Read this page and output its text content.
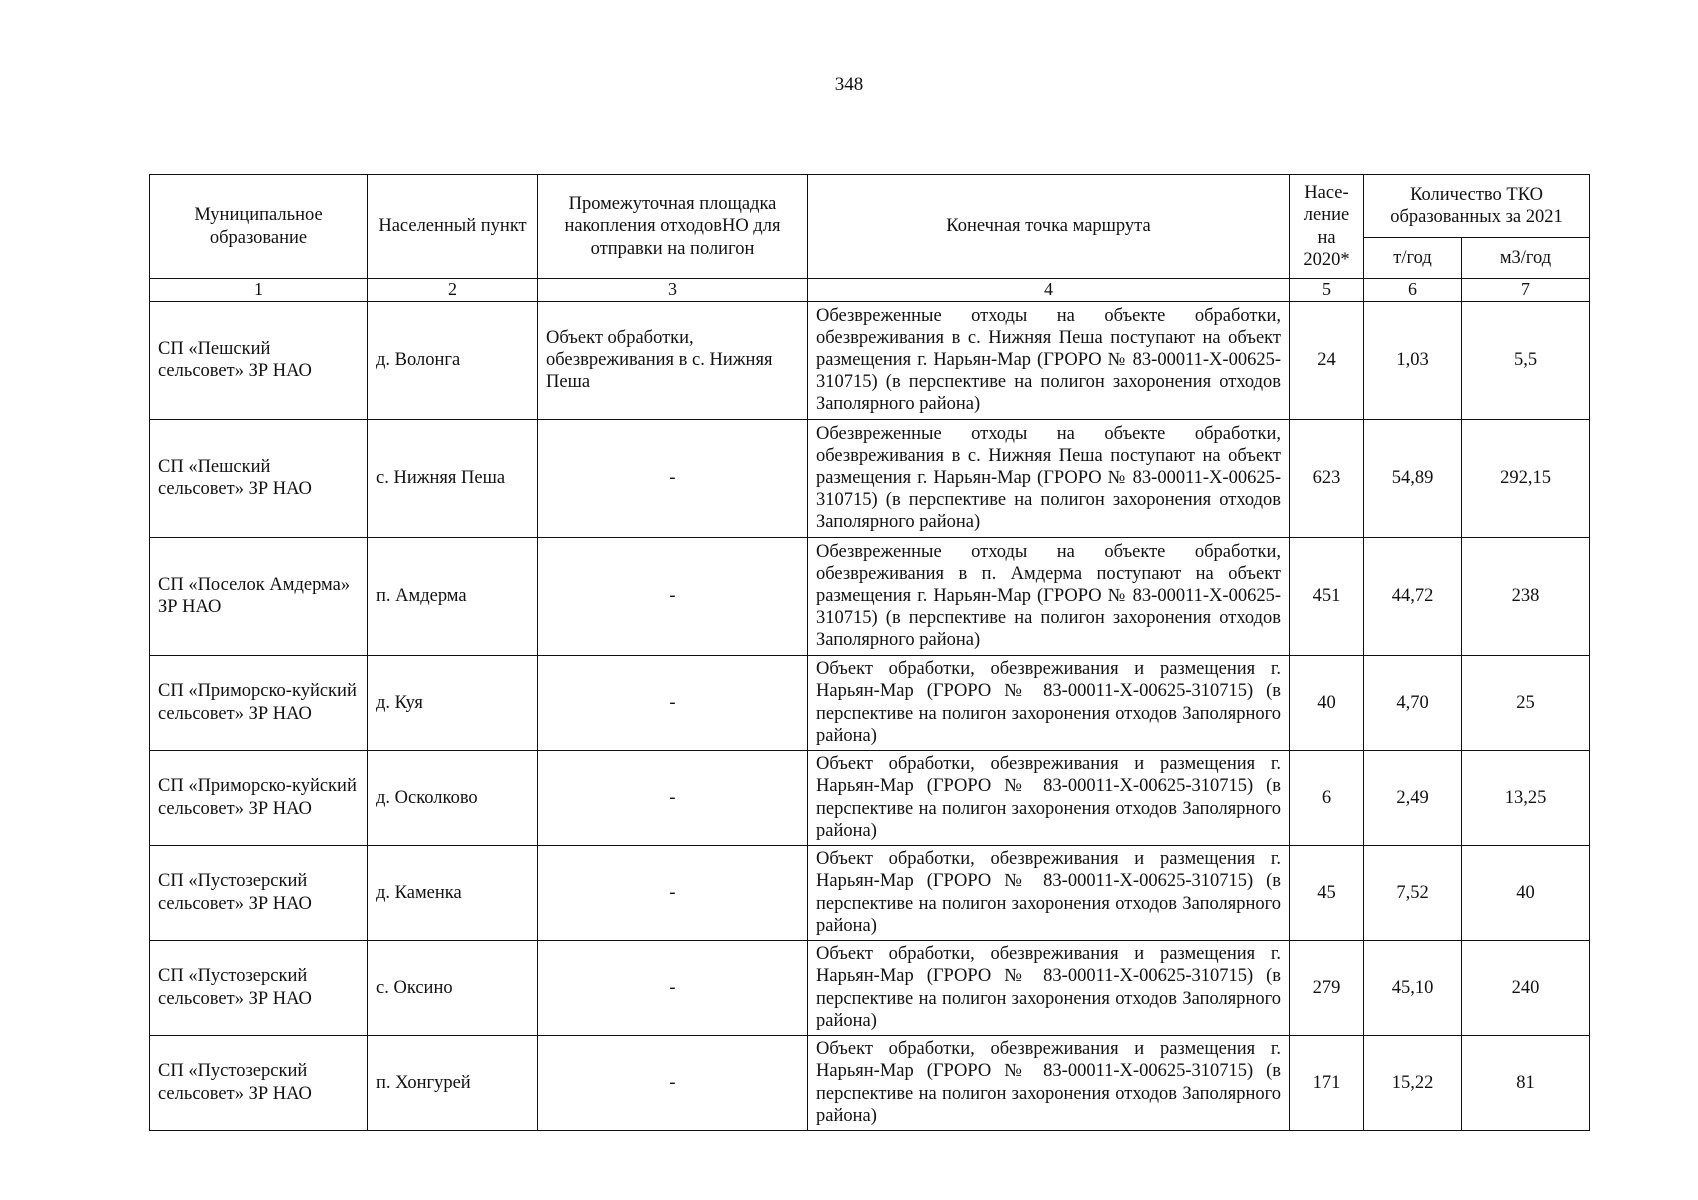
348
Муниципальное образование	Населенный пункт	Промежуточная площадка накопления отходовНО для отправки на полигон	Конечная точка маршрута	Насе-ление на 2020*	Количество ТКО образованных за 2021	
					т/год	м3/год
1	2	3	4	5	6	7
СП «Пешский сельсовет» ЗР НАО	д. Волонга	Объект обработки, обезвреживания в с. Нижняя Пеша	Обезвреженные отходы на объекте обработки, обезвреживания в с. Нижняя Пеша поступают на объект размещения г. Нарьян-Мар (ГРОРО № 83-00011-Х-00625-310715) (в перспективе на полигон захоронения отходов Заполярного района)	24	1,03	5,5
СП «Пешский сельсовет» ЗР НАО	с. Нижняя Пеша	-	Обезвреженные отходы на объекте обработки, обезвреживания в с. Нижняя Пеша поступают на объект размещения г. Нарьян-Мар (ГРОРО № 83-00011-Х-00625-310715) (в перспективе на полигон захоронения отходов Заполярного района)	623	54,89	292,15
СП «Поселок Амдерма» ЗР НАО	п. Амдерма	-	Обезвреженные отходы на объекте обработки, обезвреживания в п. Амдерма поступают на объект размещения г. Нарьян-Мар (ГРОРО № 83-00011-Х-00625-310715) (в перспективе на полигон захоронения отходов Заполярного района)	451	44,72	238
СП «Приморско-куйский сельсовет» ЗР НАО	д. Куя	-	Объект обработки, обезвреживания и размещения г. Нарьян-Мар (ГРОРО № 83-00011-Х-00625-310715) (в перспективе на полигон захоронения отходов Заполярного района)	40	4,70	25
СП «Приморско-куйский сельсовет» ЗР НАО	д. Осколково	-	Объект обработки, обезвреживания и размещения г. Нарьян-Мар (ГРОРО № 83-00011-Х-00625-310715) (в перспективе на полигон захоронения отходов Заполярного района)	6	2,49	13,25
СП «Пустозерский сельсовет» ЗР НАО	д. Каменка	-	Объект обработки, обезвреживания и размещения г. Нарьян-Мар (ГРОРО № 83-00011-Х-00625-310715) (в перспективе на полигон захоронения отходов Заполярного района)	45	7,52	40
СП «Пустозерский сельсовет» ЗР НАО	с. Оксино	-	Объект обработки, обезвреживания и размещения г. Нарьян-Мар (ГРОРО № 83-00011-Х-00625-310715) (в перспективе на полигон захоронения отходов Заполярного района)	279	45,10	240
СП «Пустозерский сельсовет» ЗР НАО	п. Хонгурей	-	Объект обработки, обезвреживания и размещения г. Нарьян-Мар (ГРОРО № 83-00011-Х-00625-310715) (в перспективе на полигон захоронения отходов Заполярного района)	171	15,22	81
